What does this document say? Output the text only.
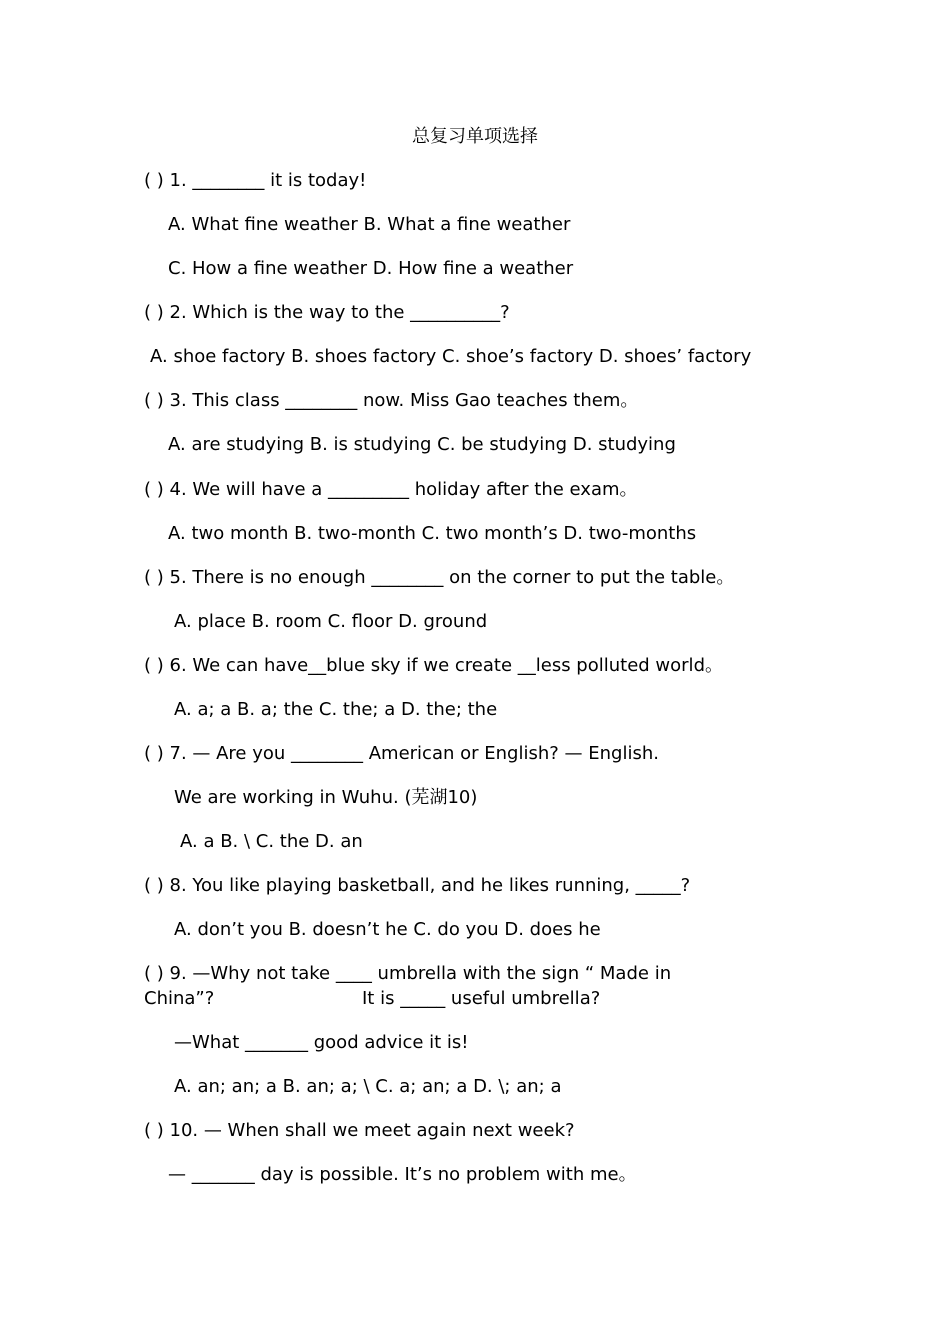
总复习单项选择
( ) 1. ________ it is today!
A. What fine weather B. What a fine weather
C. How a fine weather D. How fine a weather
( ) 2. Which is the way to the __________?
A. shoe factory B. shoes factory C. shoe’s factory D. shoes’ factory
( ) 3. This class ________ now. Miss Gao teaches them。
A. are studying B. is studying C. be studying D. studying
( ) 4. We will have a _________ holiday after the exam。
A. two month B. two-month C. two month’s D. two-months
( ) 5. There is no enough ________ on the corner to put the table。
A. place B. room C. floor D. ground
( ) 6. We can have__blue sky if we create __less polluted world。
A. a; a B. a; the C. the; a D. the; the
( ) 7. — Are you ________ American or English? — English.
We are working in Wuhu. (芜湖10)
A. a B. \ C. the D. an
( ) 8. You like playing basketball, and he likes running, _____?
A. don’t you B. doesn’t he C. do you D. does he
( ) 9. —Why not take ____ umbrella with the sign “ Made in
China”?	It is _____ useful umbrella?
—What _______ good advice it is!
A. an; an; a B. an; a; \ C. a; an; a D. \; an; a
( ) 10. — When shall we meet again next week?
— _______ day is possible. It’s no problem with me。
